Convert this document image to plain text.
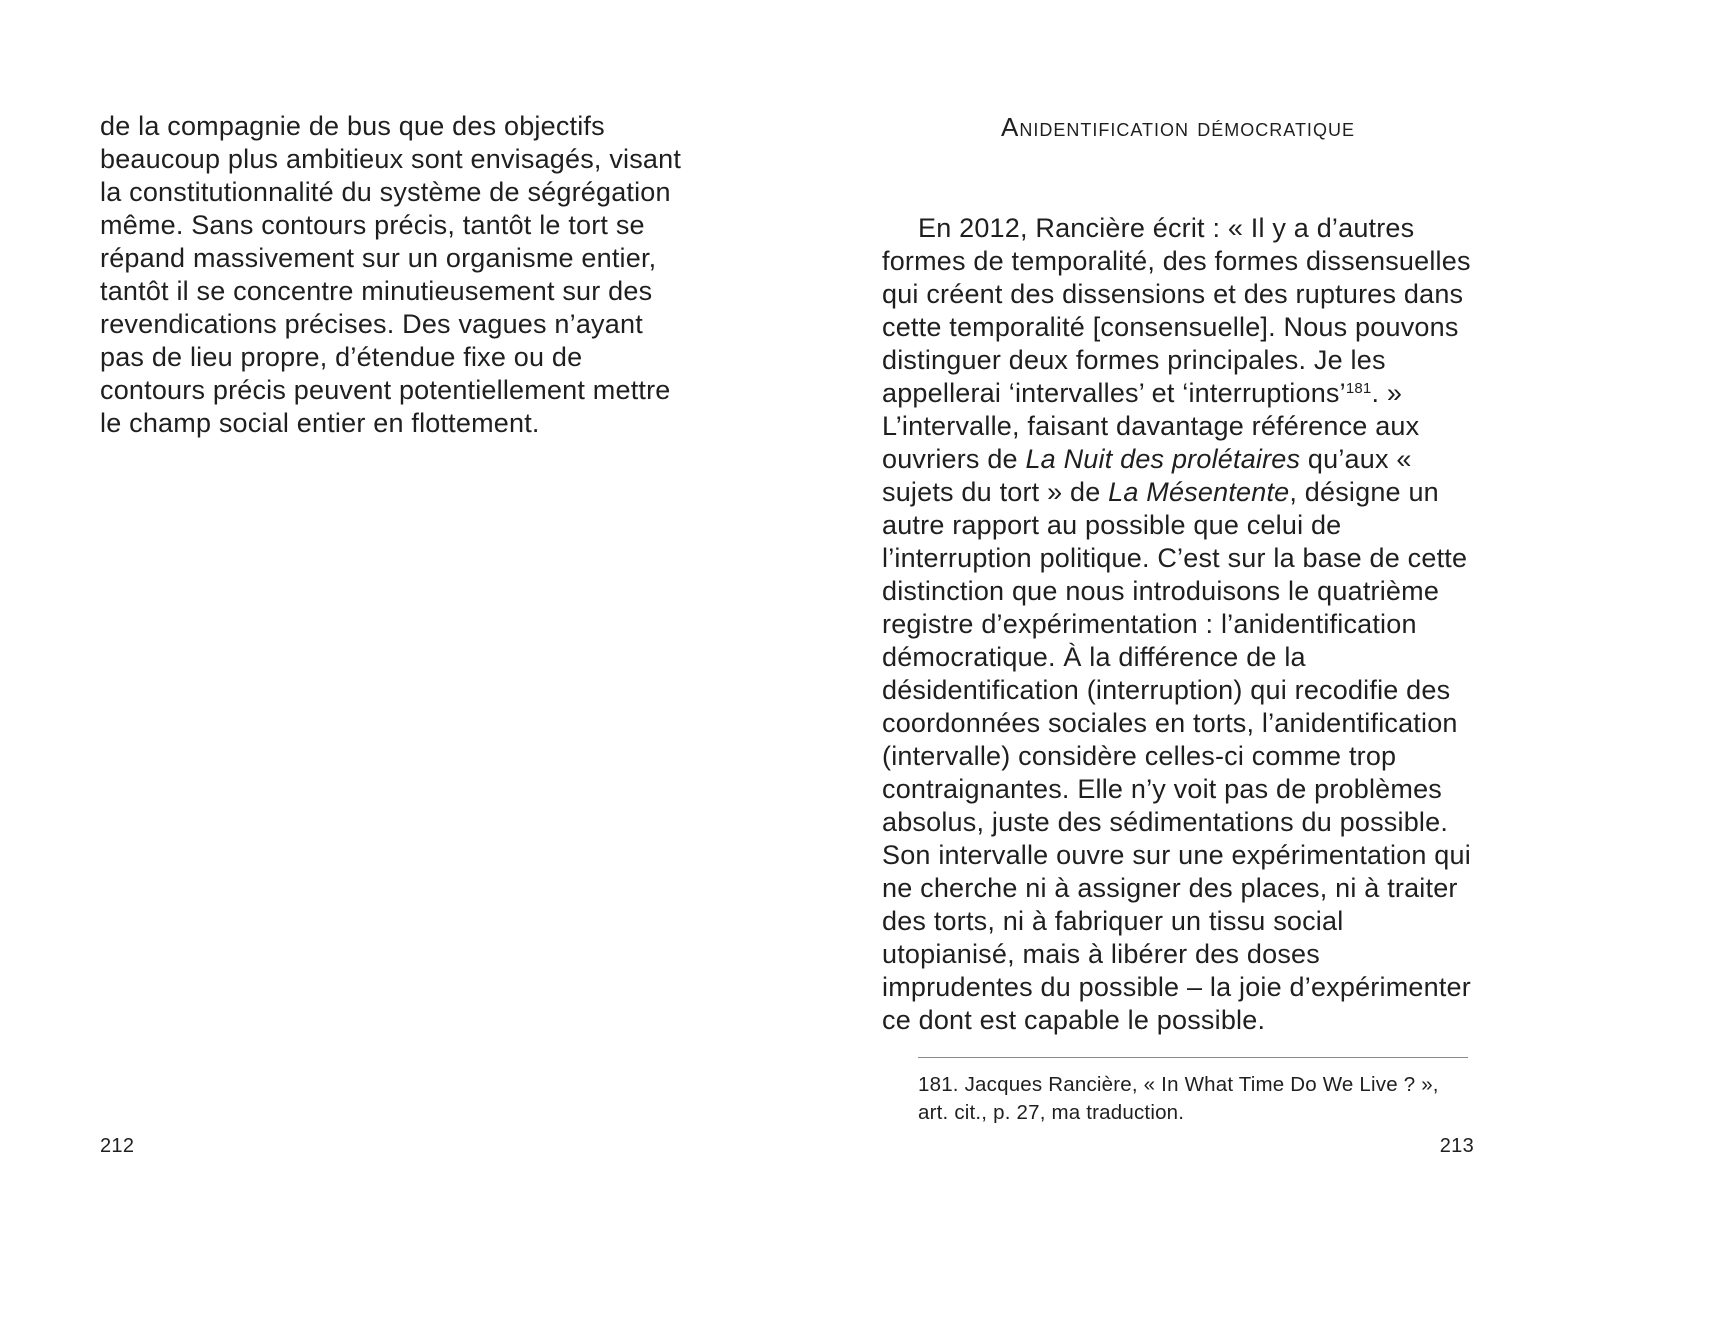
de la compagnie de bus que des objectifs beaucoup plus ambitieux sont envisagés, visant la constitutionnalité du système de ségrégation même. Sans contours précis, tantôt le tort se répand massivement sur un organisme entier, tantôt il se concentre minutieusement sur des revendications précises. Des vagues n’ayant pas de lieu propre, d’étendue fixe ou de contours précis peuvent potentiellement mettre le champ social entier en flottement.

212
Anidentification démocratique

En 2012, Rancière écrit : « Il y a d’autres formes de temporalité, des formes dissensuelles qui créent des dissensions et des ruptures dans cette temporalité [consensuelle]. Nous pouvons distinguer deux formes principales. Je les appellerai ‘intervalles’ et ‘interruptions’$^{181}$. » L’intervalle, faisant davantage référence aux ouvriers de La Nuit des prolétaires qu’aux « sujets du tort » de La Mésentente, désigne un autre rapport au possible que celui de l’interruption politique. C’est sur la base de cette distinction que nous introduisons le quatrième registre d’expérimentation : l’anidentification démocratique. À la différence de la désidentification (interruption) qui recodifie des coordonnées sociales en torts, l’anidentification (intervalle) considère celles-ci comme trop contraignantes. Elle n’y voit pas de problèmes absolus, juste des sédimentations du possible. Son intervalle ouvre sur une expérimentation qui ne cherche ni à assigner des places, ni à traiter des torts, ni à fabriquer un tissu social utopianisé, mais à libérer des doses imprudentes du possible – la joie d’expérimenter ce dont est capable le possible.

181. Jacques Rancière, « In What Time Do We Live ? », art. cit., p. 27, ma traduction.

213
